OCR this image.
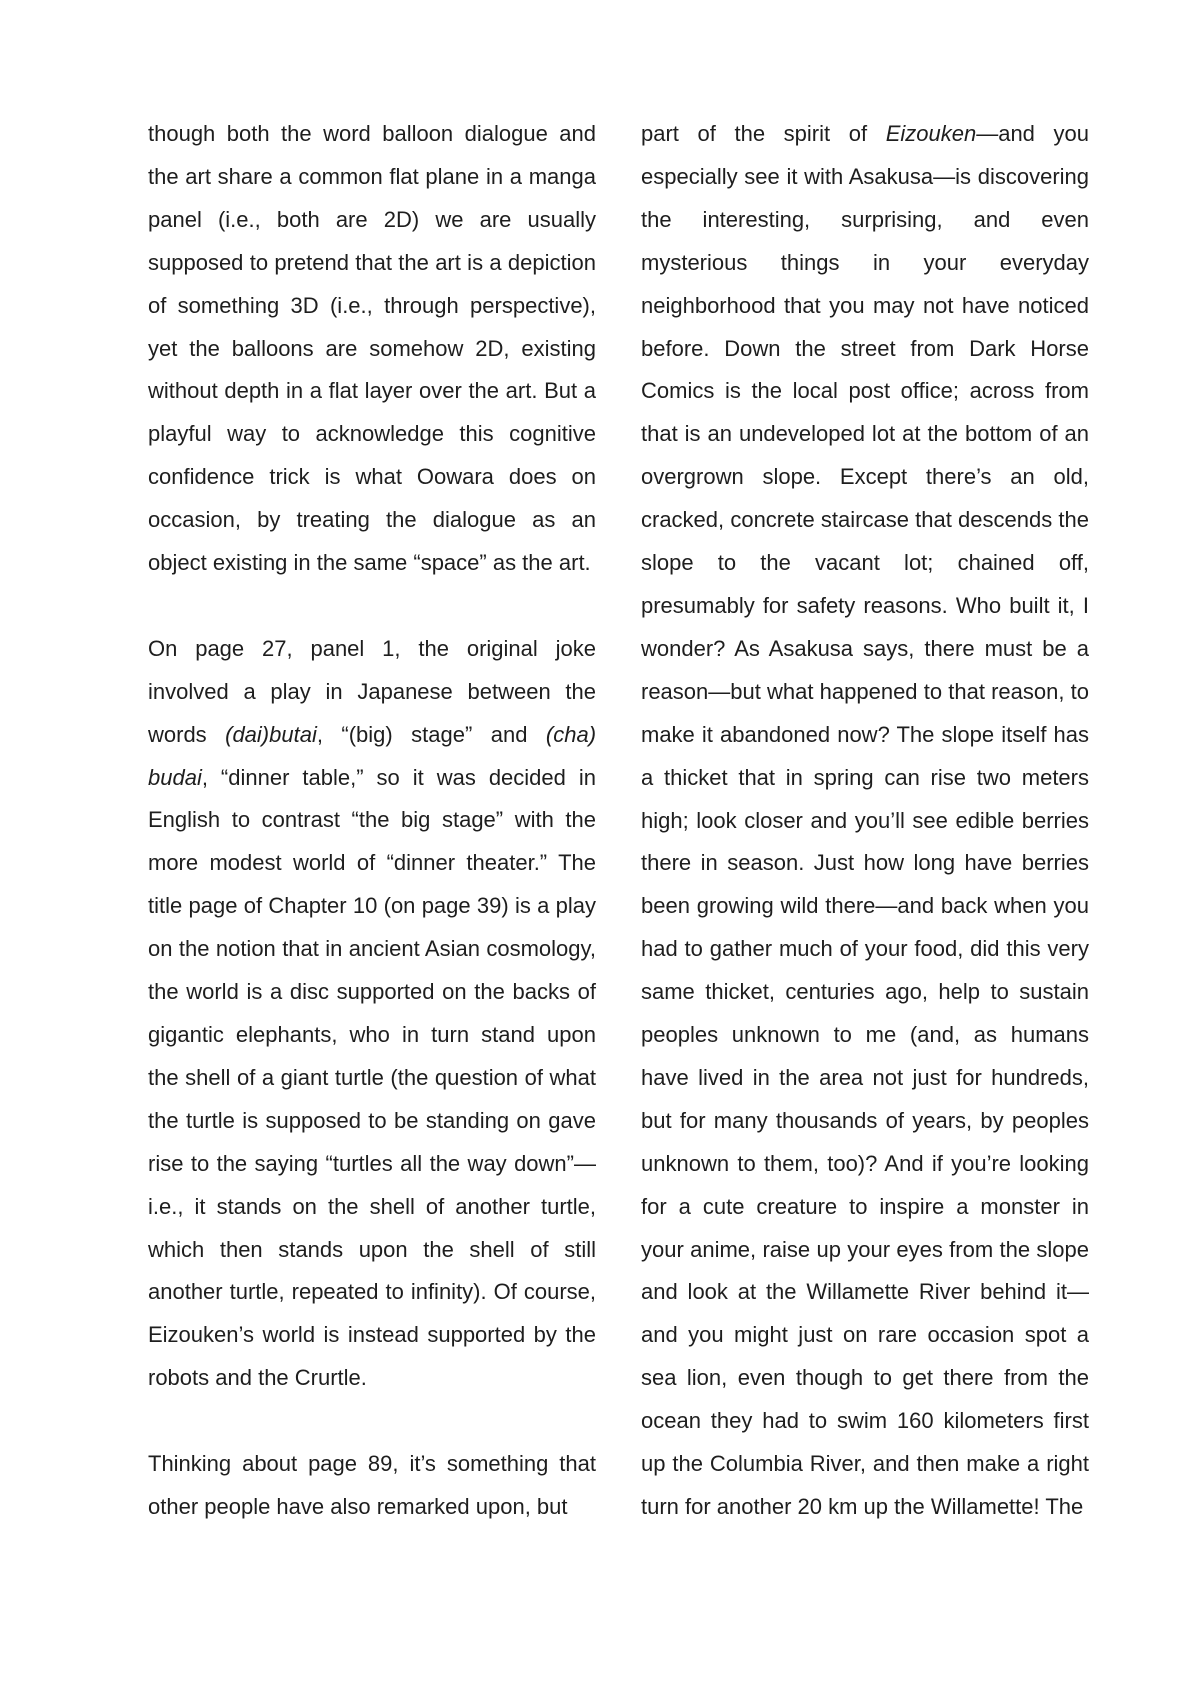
though both the word balloon dialogue and the art share a common flat plane in a manga panel (i.e., both are 2D) we are usually supposed to pretend that the art is a depiction of something 3D (i.e., through perspective), yet the balloons are somehow 2D, existing without depth in a flat layer over the art. But a playful way to acknowledge this cognitive confidence trick is what Oowara does on occasion, by treating the dialogue as an object existing in the same “space” as the art.

On page 27, panel 1, the original joke involved a play in Japanese between the words (dai)butai, “(big) stage” and (cha) budai, “dinner table,” so it was decided in English to contrast “the big stage” with the more modest world of “dinner theater.” The title page of Chapter 10 (on page 39) is a play on the notion that in ancient Asian cosmology, the world is a disc supported on the backs of gigantic elephants, who in turn stand upon the shell of a giant turtle (the question of what the turtle is supposed to be standing on gave rise to the saying “turtles all the way down”—i.e., it stands on the shell of another turtle, which then stands upon the shell of still another turtle, repeated to infinity). Of course, Eizouken’s world is instead supported by the robots and the Crurtle.

Thinking about page 89, it’s something that other people have also remarked upon, but

part of the spirit of Eizouken—and you especially see it with Asakusa—is discovering the interesting, surprising, and even mysterious things in your everyday neighborhood that you may not have noticed before. Down the street from Dark Horse Comics is the local post office; across from that is an undeveloped lot at the bottom of an overgrown slope. Except there’s an old, cracked, concrete staircase that descends the slope to the vacant lot; chained off, presumably for safety reasons. Who built it, I wonder? As Asakusa says, there must be a reason—but what happened to that reason, to make it abandoned now? The slope itself has a thicket that in spring can rise two meters high; look closer and you’ll see edible berries there in season. Just how long have berries been growing wild there—and back when you had to gather much of your food, did this very same thicket, centuries ago, help to sustain peoples unknown to me (and, as humans have lived in the area not just for hundreds, but for many thousands of years, by peoples unknown to them, too)? And if you’re looking for a cute creature to inspire a monster in your anime, raise up your eyes from the slope and look at the Willamette River behind it—and you might just on rare occasion spot a sea lion, even though to get there from the ocean they had to swim 160 kilometers first up the Columbia River, and then make a right turn for another 20 km up the Willamette! The
